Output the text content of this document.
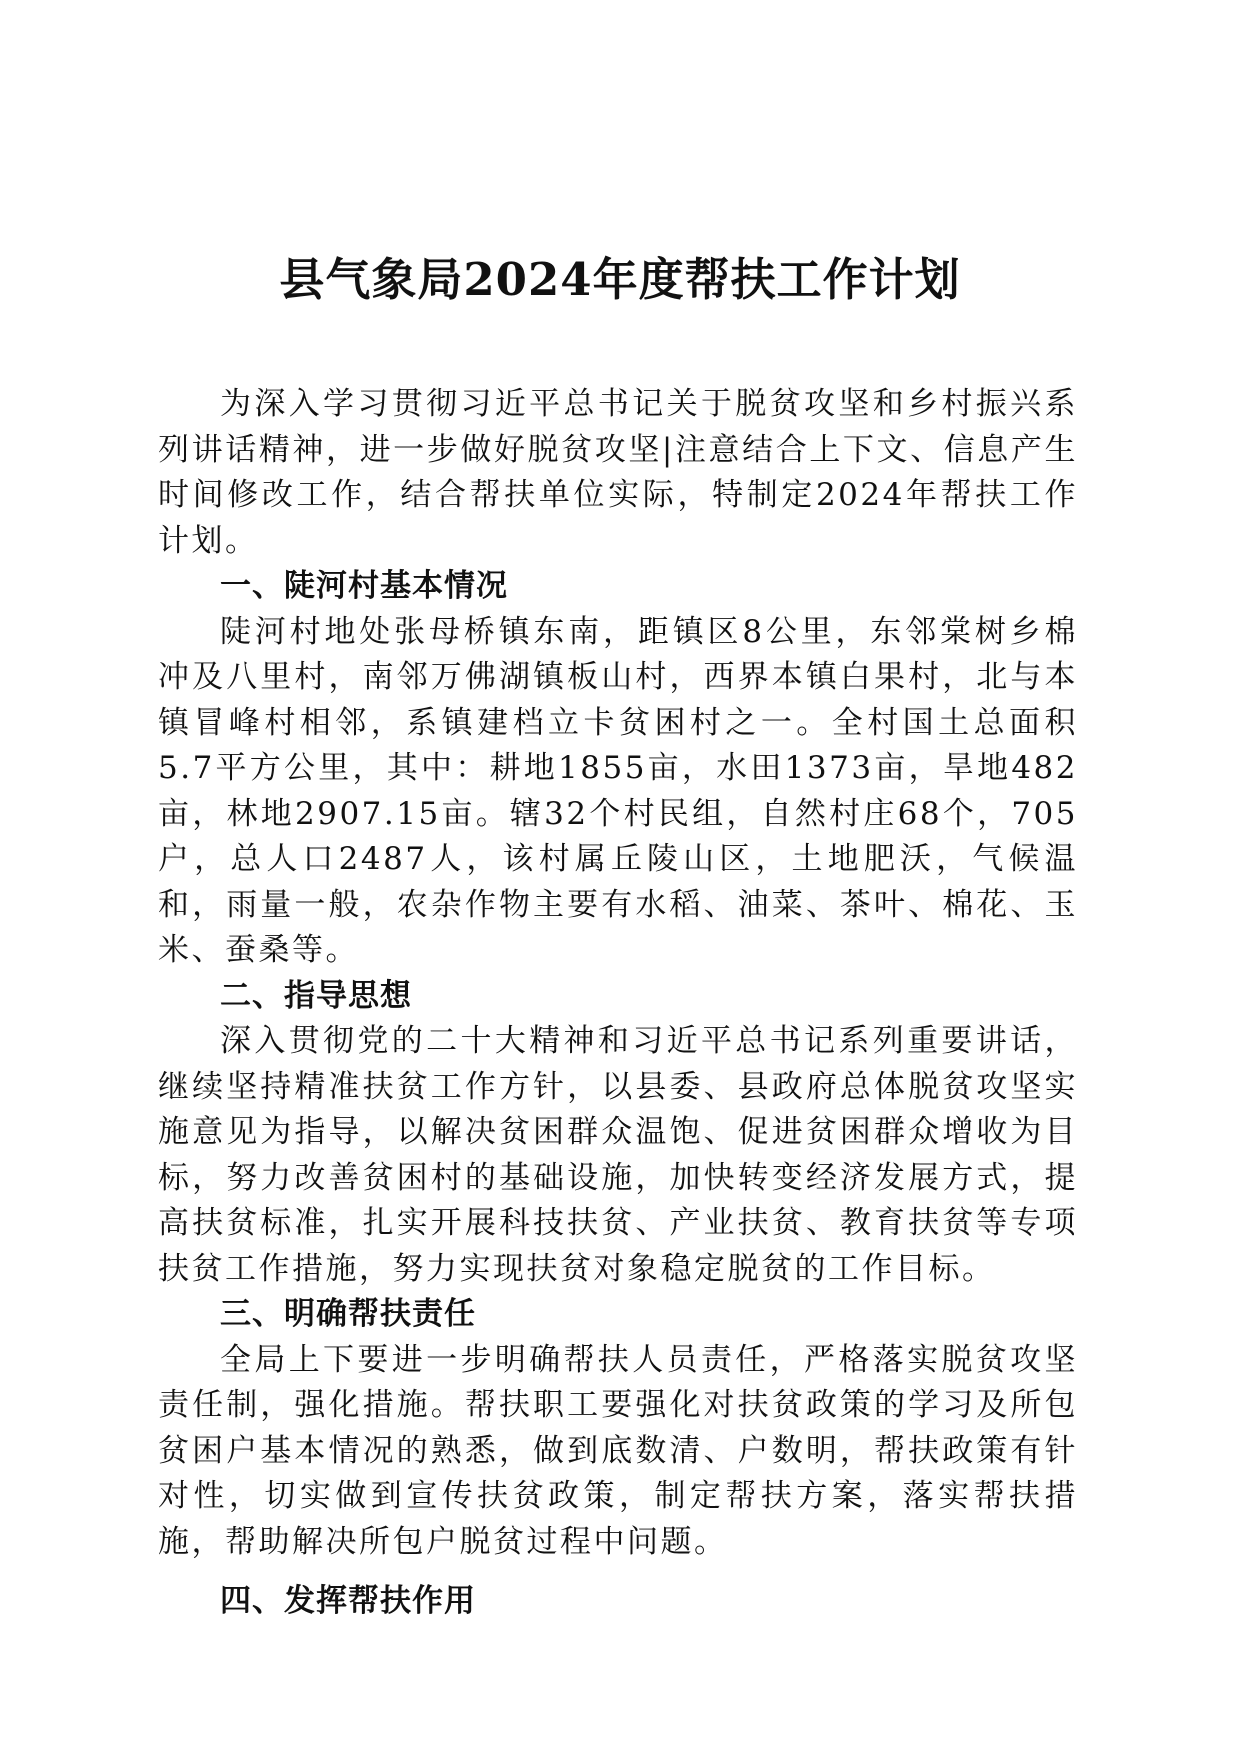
县气象局2024年度帮扶工作计划

为深入学习贯彻习近平总书记关于脱贫攻坚和乡村振兴系列讲话精神，进一步做好脱贫攻坚|注意结合上下文、信息产生时间修改工作，结合帮扶单位实际，特制定2024年帮扶工作计划。

一、陡河村基本情况

陡河村地处张母桥镇东南，距镇区8公里，东邻棠树乡棉冲及八里村，南邻万佛湖镇板山村，西界本镇白果村，北与本镇冒峰村相邻，系镇建档立卡贫困村之一。全村国土总面积5.7平方公里，其中：耕地1855亩，水田1373亩，旱地482亩，林地2907.15亩。辖32个村民组，自然村庄68个，705户，总人口2487人，该村属丘陵山区，土地肥沃，气候温和，雨量一般，农杂作物主要有水稻、油菜、茶叶、棉花、玉米、蚕桑等。

二、指导思想

深入贯彻党的二十大精神和习近平总书记系列重要讲话，继续坚持精准扶贫工作方针，以县委、县政府总体脱贫攻坚实施意见为指导，以解决贫困群众温饱、促进贫困群众增收为目标，努力改善贫困村的基础设施，加快转变经济发展方式，提高扶贫标准，扎实开展科技扶贫、产业扶贫、教育扶贫等专项扶贫工作措施，努力实现扶贫对象稳定脱贫的工作目标。

三、明确帮扶责任

全局上下要进一步明确帮扶人员责任，严格落实脱贫攻坚责任制，强化措施。帮扶职工要强化对扶贫政策的学习及所包贫困户基本情况的熟悉，做到底数清、户数明，帮扶政策有针对性，切实做到宣传扶贫政策，制定帮扶方案，落实帮扶措施，帮助解决所包户脱贫过程中问题。

四、发挥帮扶作用
